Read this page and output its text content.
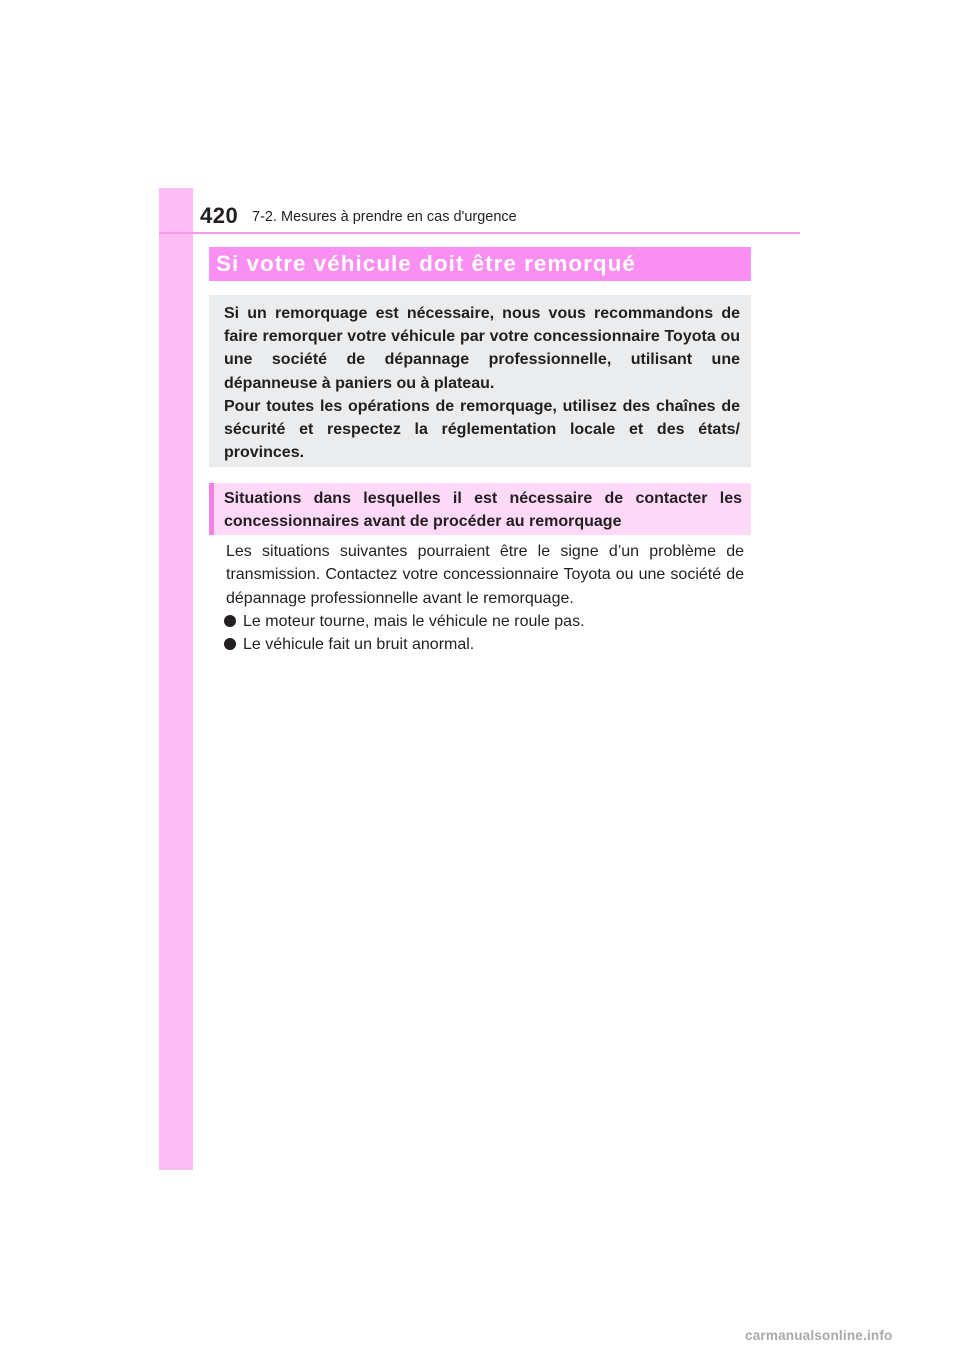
420 7-2. Mesures à prendre en cas d'urgence
Si votre véhicule doit être remorqué

Si un remorquage est nécessaire, nous vous recommandons de faire remorquer votre véhicule par votre concessionnaire Toyota ou une société de dépannage professionnelle, utilisant une dépanneuse à paniers ou à plateau.

Pour toutes les opérations de remorquage, utilisez des chaînes de sécurité et respectez la réglementation locale et des états/ provinces.

Situations dans lesquelles il est nécessaire de contacter les
concessionnaires avant de procéder au remorquage

Les situations suivantes pourraient être le signe d’un problème de transmission. Contactez votre concessionnaire Toyota ou une société de dépannage professionnelle avant le remorquage.

Le moteur tourne, mais le véhicule ne roule pas.
Le véhicule fait un bruit anormal.
carmanualsonline.info
